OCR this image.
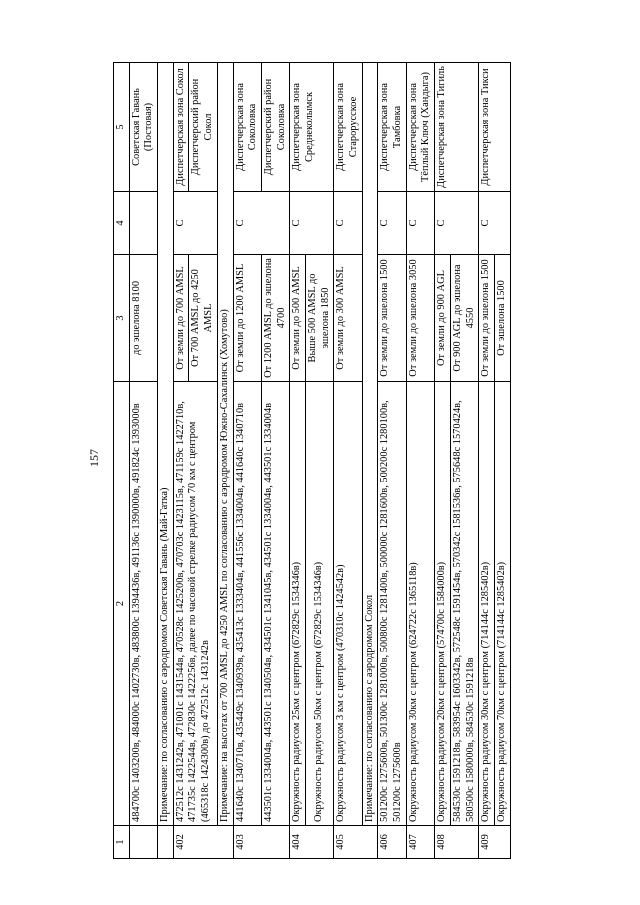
157
1	2	3	4	5
	484700с 1403200в, 484000с 1402730в, 483800с 1394436в, 491136с 1390000в, 491824с 1393000в	до эшелона 8100		Советская Гавань (Постовая)
	Примечание: по согласованию с аэродромом Советская Гавань (Май-Гатка)			
402	472512с 1431242в, 471001с 1431544в, 470528с 1425200в, 470703с 1423115в, 471159с 1422710в, 471735с 1422544в, 472830с 1422256в, далее по часовой стрелке радиусом 70 км с центром (465318с 1424300в) до 472512с 1431242в	От земли до 700 AMSL	С	Диспетчерская зона Сокол
		От 700 AMSL до 4250 AMSL		Диспетчерский район Сокол
	Примечание: на высотах от 700 AMSL до 4250 AMSL по согласованию с аэродромом Южно-Сахалинск (Хомутово)			
403	441640с 1340710в, 435449с 1340939в, 435413с 1333404в, 441556с 1334004в, 441640с 1340710в	От земли до 1200 AMSL	С	Диспетчерская зона Соколовка
	443501с 1334004в, 443501с 1340504в, 434501с 1341045в, 434501с 1334004в, 443501с 1334004в	От 1200 AMSL до эшелона 4700		Диспетчерский район Соколовка
404	Окружность радиусом 25км с центром (672829с 1534346в)	От земли до 500 AMSL	С	Диспетчерская зона Среднеколымск
	Окружность радиусом 50км с центром (672829с 1534346в)	Выше 500 AMSL до эшелона 1850		
405	Окружность радиусом 3 км с центром (470310с 1424542в)	От земли до 300 AMSL	С	Диспетчерская зона Старорусское
	Примечание: по согласованию с аэродромом Сокол			
406	501200с 1275600в, 501300с 1281000в, 500800с 1281400в, 500000с 1281600в, 500200с 1280100в, 501200с 1275600в	От земли до эшелона 1500	С	Диспетчерская зона Тамбовка
407	Окружность радиусом 30км с центром (624722с 1365118в)	От земли до эшелона 3050	С	Диспетчерская зона Тёплый Ключ (Хандыга)
408	Окружность радиусом 20км с центром (574700с 1584000в)	От земли до 900 AGL	С	Диспетчерская зона Тигиль
	584530с 1591218в, 583954с 1603342в, 572548с 1591454в, 570342с 1581536в, 575648с 1570424в, 580500с 1580000в, 584530с 1591218в	От 900 AGL до эшелона 4550		
409	Окружность радиусом 30км с центром (714144с 1285402в)	От земли до эшелона 1500	С	Диспетчерская зона Тикси
	Окружность радиусом 70км с центром (714144с 1285402в)	От эшелона 1500		
